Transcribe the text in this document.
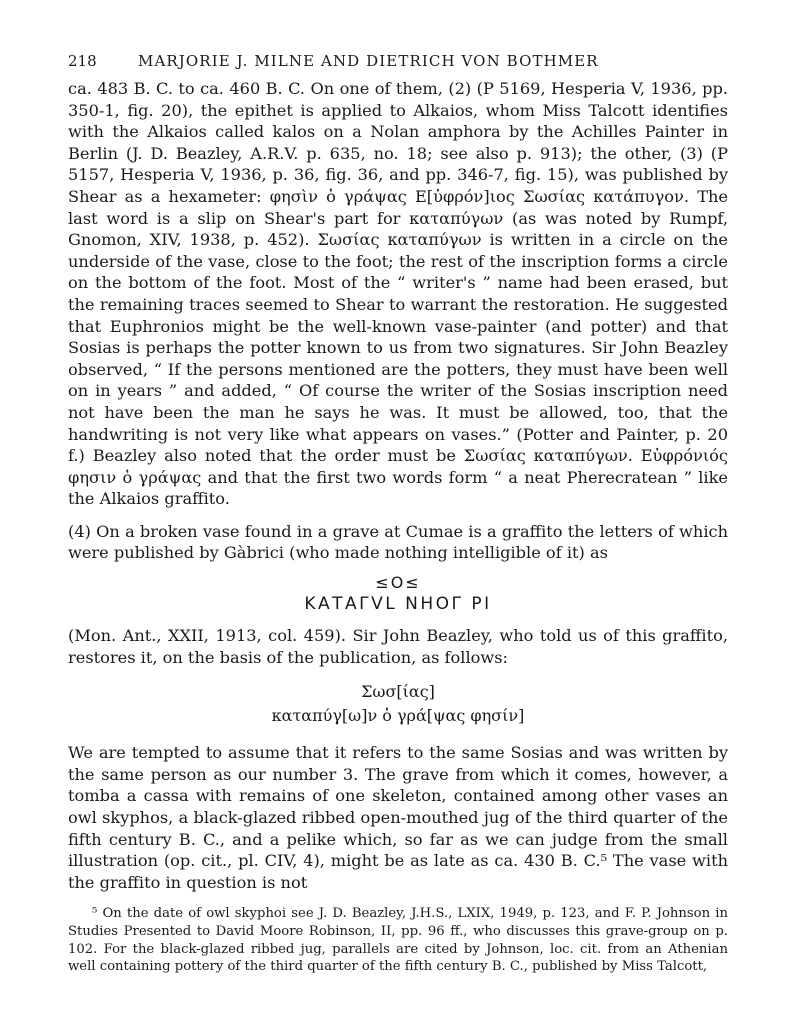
218	MARJORIE J. MILNE AND DIETRICH VON BOTHMER

ca. 483 B. C. to ca. 460 B. C. On one of them, (2) (P 5169, Hesperia V, 1936, pp. 350-1, fig. 20), the epithet is applied to Alkaios, whom Miss Talcott identifies with the Alkaios called kalos on a Nolan amphora by the Achilles Painter in Berlin (J. D. Beazley, A.R.V. p. 635, no. 18; see also p. 913); the other, (3) (P 5157, Hesperia V, 1936, p. 36, fig. 36, and pp. 346-7, fig. 15), was published by Shear as a hexameter: φησὶν ὁ γράψας Ε[ὐφρόν]ιος Σωσίας κατάπυγον. The last word is a slip on Shear's part for καταπύγων (as was noted by Rumpf, Gnomon, XIV, 1938, p. 452). Σωσίας καταπύγων is written in a circle on the underside of the vase, close to the foot; the rest of the inscription forms a circle on the bottom of the foot. Most of the “ writer's ” name had been erased, but the remaining traces seemed to Shear to warrant the restoration. He suggested that Euphronios might be the well-known vase-painter (and potter) and that Sosias is perhaps the potter known to us from two signatures. Sir John Beazley observed, “ If the persons mentioned are the potters, they must have been well on in years ” and added, “ Of course the writer of the Sosias inscription need not have been the man he says he was. It must be allowed, too, that the handwriting is not very like what appears on vases.” (Potter and Painter, p. 20 f.) Beazley also noted that the order must be Σωσίας καταπύγων. Εὐφρόνιός φησιν ὁ γράψας and that the first two words form “ a neat Pherecratean ” like the Alkaios graffito.

(4) On a broken vase found in a grave at Cumae is a graffito the letters of which were published by Gàbrici (who made nothing intelligible of it) as

≤O≤
ΚΑΤΑΓVL ΝΗΟΓ ΡΙ

(Mon. Ant., XXII, 1913, col. 459). Sir John Beazley, who told us of this graffito, restores it, on the basis of the publication, as follows:

Σωσ[ίας]
καταπύγ[ω]ν ὁ γρά[ψας φησίν]

We are tempted to assume that it refers to the same Sosias and was written by the same person as our number 3. The grave from which it comes, however, a tomba a cassa with remains of one skeleton, contained among other vases an owl skyphos, a black-glazed ribbed open-mouthed jug of the third quarter of the fifth century B. C., and a pelike which, so far as we can judge from the small illustration (op. cit., pl. CIV, 4), might be as late as ca. 430 B. C.⁵ The vase with the graffito in question is not

⁵ On the date of owl skyphoi see J. D. Beazley, J.H.S., LXIX, 1949, p. 123, and F. P. Johnson in Studies Presented to David Moore Robinson, II, pp. 96 ff., who discusses this grave-group on p. 102. For the black-glazed ribbed jug, parallels are cited by Johnson, loc. cit. from an Athenian well containing pottery of the third quarter of the fifth century B. C., published by Miss Talcott,
